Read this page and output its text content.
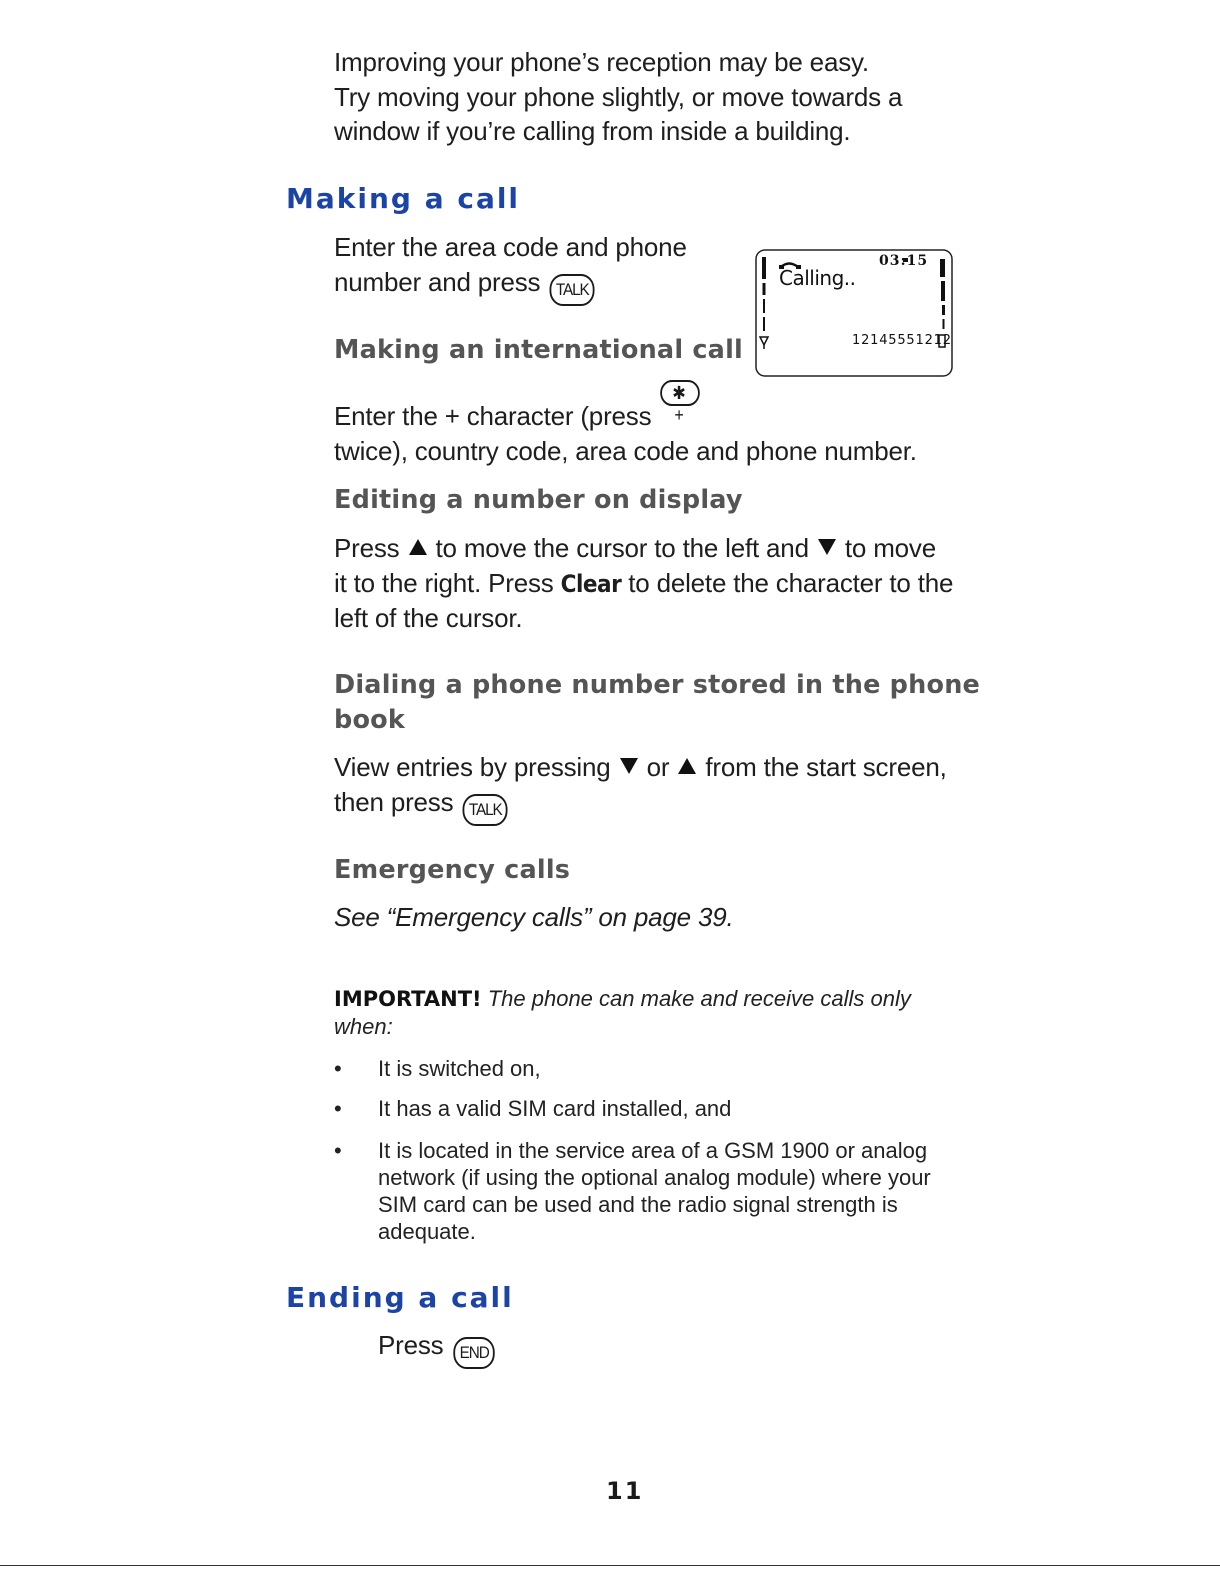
Improving your phone’s reception may be easy.
Try moving your phone slightly, or move towards a
window if you’re calling from inside a building.
Making a call
Enter the area code and phone
number and press TALK
03:15
Calling..
12145551212
Making an international call
Enter the + character (press ✱ +
twice), country code, area code and phone number.
Editing a number on display
Press to move the cursor to the left and to move
it to the right. Press Clear to delete the character to the
left of the cursor.
Dialing a phone number stored in the phone
book
View entries by pressing or from the start screen,
then press TALK
Emergency calls
See “Emergency calls” on page 39.
IMPORTANT! The phone can make and receive calls only
when:
• It is switched on,
• It has a valid SIM card installed, and
• It is located in the service area of a GSM 1900 or analog
network (if using the optional analog module) where your
SIM card can be used and the radio signal strength is
adequate.
Ending a call
Press END
11
